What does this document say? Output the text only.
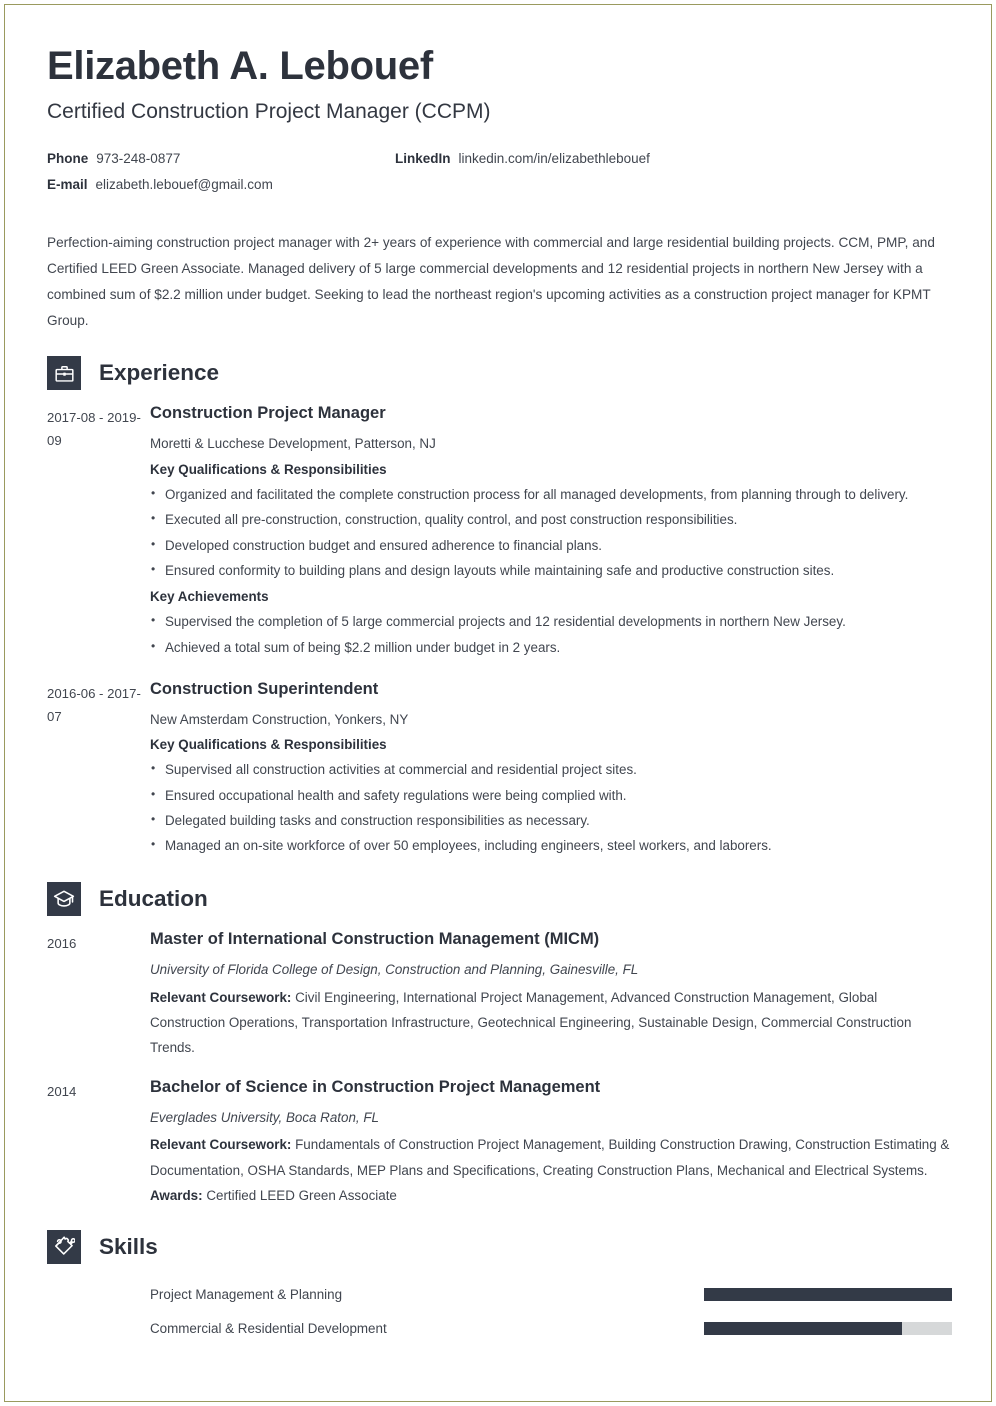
Elizabeth A. Lebouef
Certified Construction Project Manager (CCPM)
Phone 973-248-0877	LinkedIn linkedin.com/in/elizabethlebouef
E-mail elizabeth.lebouef@gmail.com
Perfection-aiming construction project manager with 2+ years of experience with commercial and large residential building projects. CCM, PMP, and Certified LEED Green Associate. Managed delivery of 5 large commercial developments and 12 residential projects in northern New Jersey with a combined sum of $2.2 million under budget. Seeking to lead the northeast region's upcoming activities as a construction project manager for KPMT Group.
Experience
2017-08 - 2019-09
Construction Project Manager
Moretti & Lucchese Development, Patterson, NJ
Key Qualifications & Responsibilities
• Organized and facilitated the complete construction process for all managed developments, from planning through to delivery.
• Executed all pre-construction, construction, quality control, and post construction responsibilities.
• Developed construction budget and ensured adherence to financial plans.
• Ensured conformity to building plans and design layouts while maintaining safe and productive construction sites.
Key Achievements
• Supervised the completion of 5 large commercial projects and 12 residential developments in northern New Jersey.
• Achieved a total sum of being $2.2 million under budget in 2 years.
2016-06 - 2017-07
Construction Superintendent
New Amsterdam Construction, Yonkers, NY
Key Qualifications & Responsibilities
• Supervised all construction activities at commercial and residential project sites.
• Ensured occupational health and safety regulations were being complied with.
• Delegated building tasks and construction responsibilities as necessary.
• Managed an on-site workforce of over 50 employees, including engineers, steel workers, and laborers.
Education
2016	Master of International Construction Management (MICM)
University of Florida College of Design, Construction and Planning, Gainesville, FL
Relevant Coursework: Civil Engineering, International Project Management, Advanced Construction Management, Global Construction Operations, Transportation Infrastructure, Geotechnical Engineering, Sustainable Design, Commercial Construction Trends.
2014	Bachelor of Science in Construction Project Management
Everglades University, Boca Raton, FL
Relevant Coursework: Fundamentals of Construction Project Management, Building Construction Drawing, Construction Estimating & Documentation, OSHA Standards, MEP Plans and Specifications, Creating Construction Plans, Mechanical and Electrical Systems.
Awards: Certified LEED Green Associate
Skills
Project Management & Planning
Commercial & Residential Development
